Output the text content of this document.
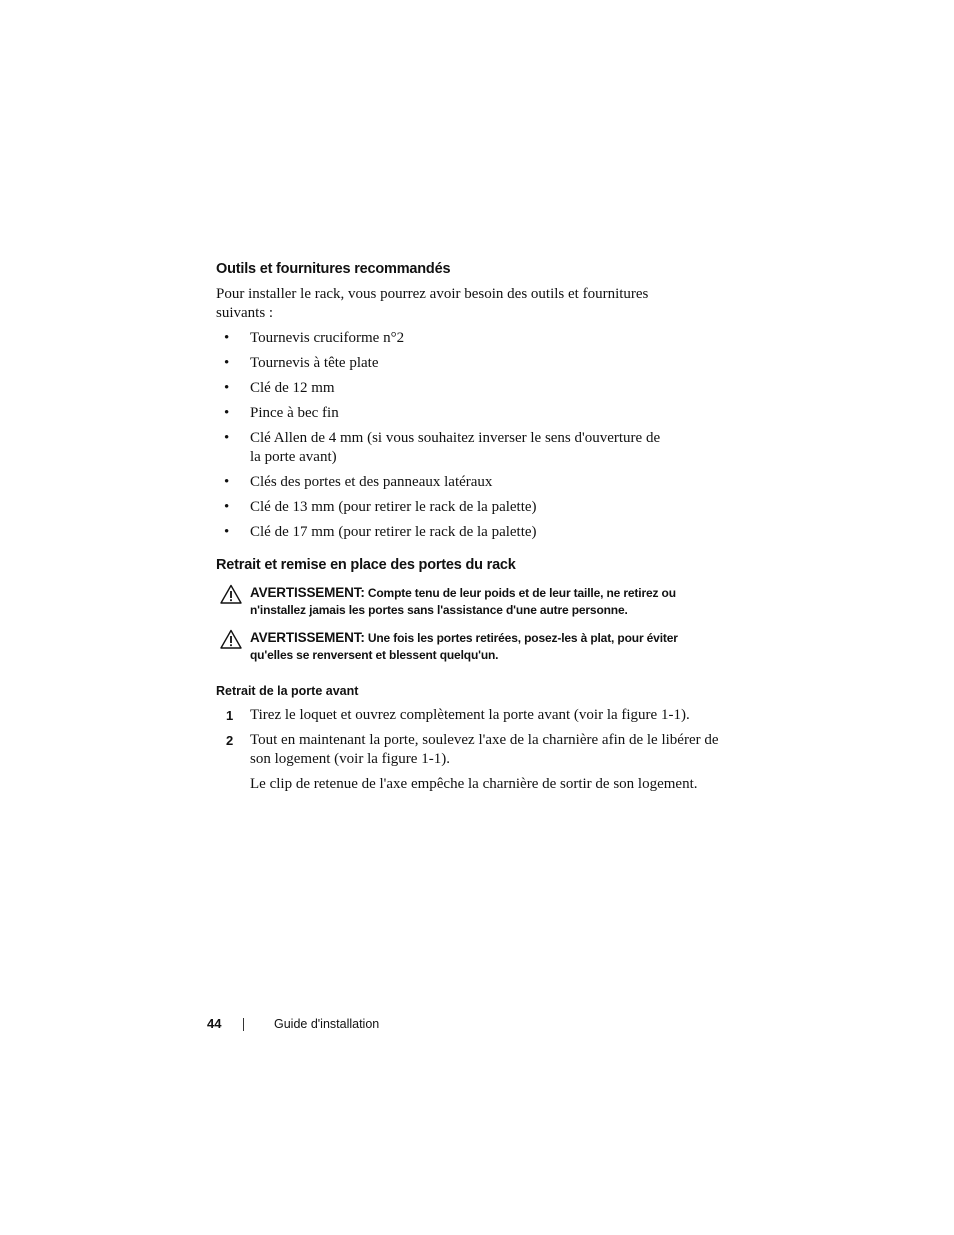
Outils et fournitures recommandés

Pour installer le rack, vous pourrez avoir besoin des outils et fournitures suivants :

• Tournevis cruciforme n°2
• Tournevis à tête plate
• Clé de 12 mm
• Pince à bec fin
• Clé Allen de 4 mm (si vous souhaitez inverser le sens d'ouverture de la porte avant)
• Clés des portes et des panneaux latéraux
• Clé de 13 mm (pour retirer le rack de la palette)
• Clé de 17 mm (pour retirer le rack de la palette)
Retrait et remise en place des portes du rack
AVERTISSEMENT: Compte tenu de leur poids et de leur taille, ne retirez ou n'installez jamais les portes sans l'assistance d'une autre personne.
AVERTISSEMENT: Une fois les portes retirées, posez-les à plat, pour éviter qu'elles se renversent et blessent quelqu'un.
Retrait de la porte avant
1 Tirez le loquet et ouvrez complètement la porte avant (voir la figure 1-1).
2 Tout en maintenant la porte, soulevez l'axe de la charnière afin de le libérer de son logement (voir la figure 1-1).

Le clip de retenue de l'axe empêche la charnière de sortir de son logement.

44	Guide d'installation
